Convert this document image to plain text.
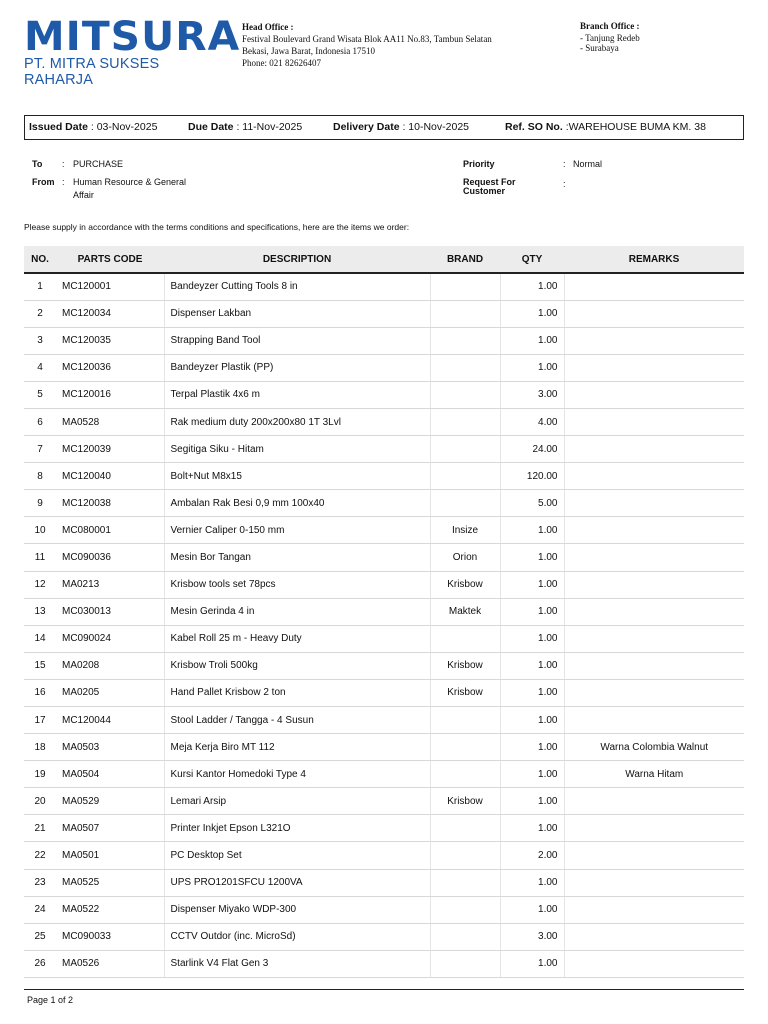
MITSURA
PT. MITRA SUKSES RAHARJA
Head Office :
Festival Boulevard Grand Wisata Blok AA11 No.83, Tambun Selatan
Bekasi, Jawa Barat, Indonesia 17510
Phone: 021 82626407
Branch Office :
- Tanjung Redeb
- Surabaya
Issued Date : 03-Nov-2025	Due Date : 11-Nov-2025	Delivery Date : 10-Nov-2025	Ref. SO No. :WAREHOUSE BUMA KM. 38
To : PURCHASE
From : Human Resource & General
Affair
Priority	: Normal
Request For
Customer
:
Please supply in accordance with the terms conditions and specifications, here are the items we order:
NO.	PARTS CODE	DESCRIPTION	BRAND	QTY	REMARKS
1	MC120001	Bandeyzer Cutting Tools 8 in		1.00	
2	MC120034	Dispenser Lakban		1.00	
3	MC120035	Strapping Band Tool		1.00	
4	MC120036	Bandeyzer Plastik (PP)		1.00	
5	MC120016	Terpal Plastik 4x6 m		3.00	
6	MA0528	Rak medium duty 200x200x80 1T 3Lvl		4.00	
7	MC120039	Segitiga Siku - Hitam		24.00	
8	MC120040	Bolt+Nut M8x15		120.00	
9	MC120038	Ambalan Rak Besi 0,9 mm 100x40		5.00	
10	MC080001	Vernier Caliper 0-150 mm	Insize	1.00	
11	MC090036	Mesin Bor Tangan	Orion	1.00	
12	MA0213	Krisbow tools set 78pcs	Krisbow	1.00	
13	MC030013	Mesin Gerinda 4 in	Maktek	1.00	
14	MC090024	Kabel Roll 25 m - Heavy Duty		1.00	
15	MA0208	Krisbow Troli 500kg	Krisbow	1.00	
16	MA0205	Hand Pallet Krisbow 2 ton	Krisbow	1.00	
17	MC120044	Stool Ladder / Tangga - 4 Susun		1.00	
18	MA0503	Meja Kerja Biro MT 112		1.00	Warna Colombia Walnut
19	MA0504	Kursi Kantor Homedoki Type 4		1.00	Warna Hitam
20	MA0529	Lemari Arsip	Krisbow	1.00	
21	MA0507	Printer Inkjet Epson L321O		1.00	
22	MA0501	PC Desktop Set		2.00	
23	MA0525	UPS PRO1201SFCU 1200VA		1.00	
24	MA0522	Dispenser Miyako WDP-300		1.00	
25	MC090033	CCTV Outdor (inc. MicroSd)		3.00	
26	MA0526	Starlink V4 Flat Gen 3		1.00	
Page 1 of 2
